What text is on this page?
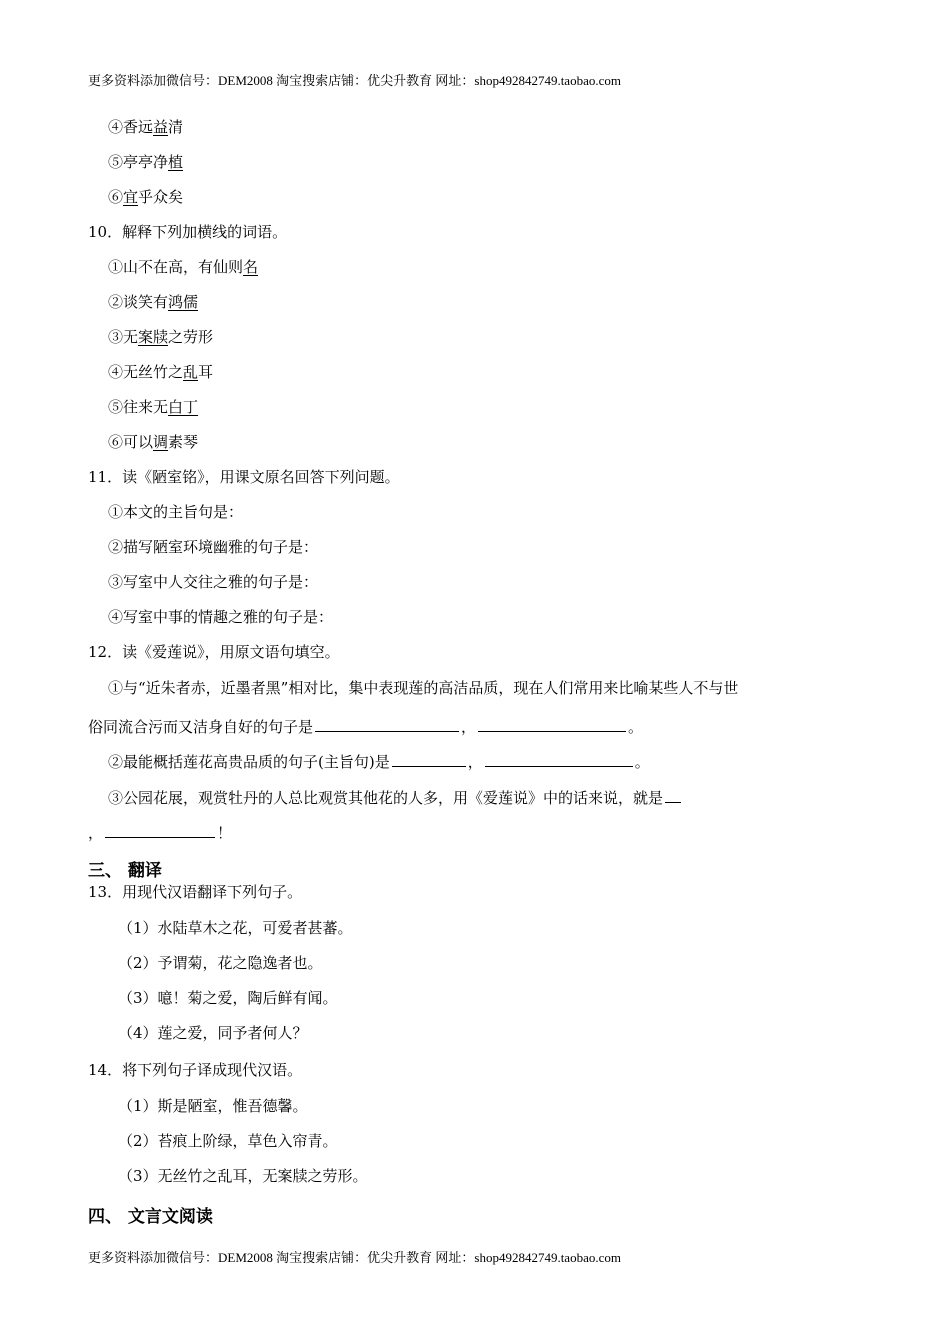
更多资料添加微信号：DEM2008 淘宝搜索店铺：优尖升教育 网址：shop492842749.taobao.com
④香远益清
⑤亭亭净植
⑥宜乎众矣
10．解释下列加横线的词语。
①山不在高，有仙则名
②谈笑有鸿儒
③无案牍之劳形
④无丝竹之乱耳
⑤往来无白丁
⑥可以调素琴
11．读《陋室铭》，用课文原名回答下列问题。
①本文的主旨句是：
②描写陋室环境幽雅的句子是：
③写室中人交往之雅的句子是：
④写室中事的情趣之雅的句子是：
12．读《爱莲说》，用原文语句填空。
①与“近朱者赤，近墨者黑”相对比，集中表现莲的高洁品质，现在人们常用来比喻某些人不与世
俗同流合污而又洁身自好的句子是	，	。
②最能概括莲花高贵品质的句子(主旨句)是	，	。
③公园花展，观赏牡丹的人总比观赏其他花的人多，用《爱莲说》中的话来说，就是
，	！
三、 翻译
13．用现代汉语翻译下列句子。
（1）水陆草木之花，可爱者甚蕃。
（2）予谓菊，花之隐逸者也。
（3）噫！菊之爱，陶后鲜有闻。
（4）莲之爱，同予者何人？
14．将下列句子译成现代汉语。
（1）斯是陋室，惟吾德馨。
（2）苔痕上阶绿，草色入帘青。
（3）无丝竹之乱耳，无案牍之劳形。
四、 文言文阅读
更多资料添加微信号：DEM2008 淘宝搜索店铺：优尖升教育 网址：shop492842749.taobao.com
